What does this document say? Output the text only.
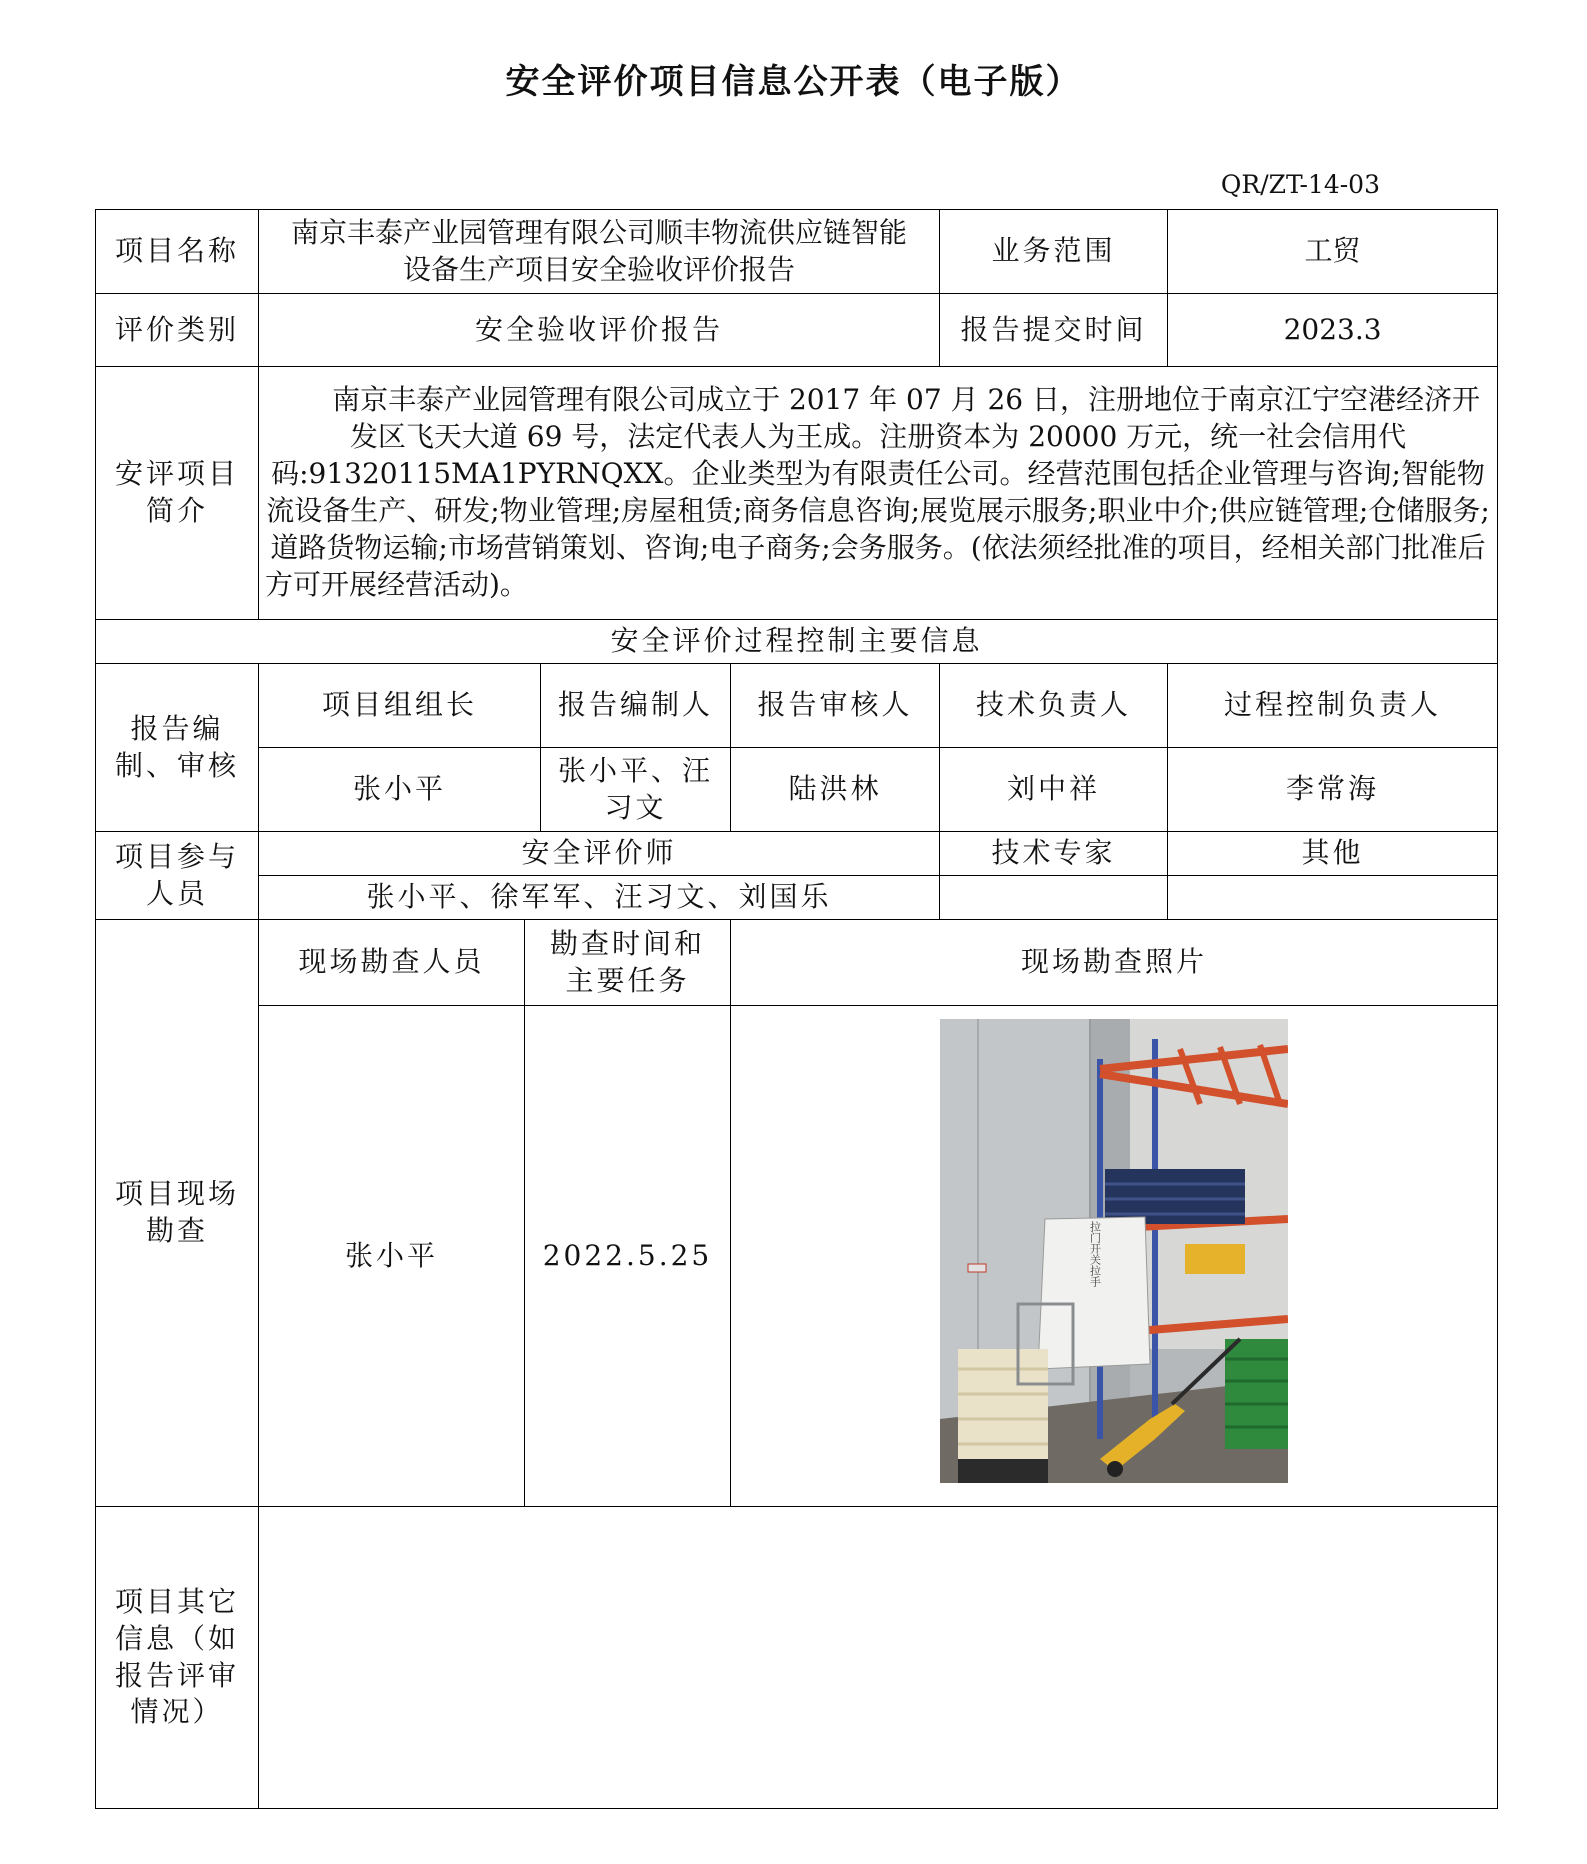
安全评价项目信息公开表（电子版）
QR/ZT-14-03
项目名称	南京丰泰产业园管理有限公司顺丰物流供应链智能设备生产项目安全验收评价报告				业务范围	工贸
评价类别	安全验收评价报告				报告提交时间	2023.3
安评项目简介	南京丰泰产业园管理有限公司成立于 2017 年 07 月 26 日，注册地位于南京江宁空港经济开发区飞天大道 69 号，法定代表人为王成。注册资本为 20000 万元，统一社会信用代码:91320115MA1PYRNQXX。企业类型为有限责任公司。经营范围包括企业管理与咨询;智能物流设备生产、研发;物业管理;房屋租赁;商务信息咨询;展览展示服务;职业中介;供应链管理;仓储服务;道路货物运输;市场营销策划、咨询;电子商务;会务服务。(依法须经批准的项目，经相关部门批准后方可开展经营活动)。					
安全评价过程控制主要信息						
报告编制、审核	项目组组长		报告编制人	报告审核人	技术负责人	过程控制负责人
	张小平		张小平、汪习文	陆洪林	刘中祥	李常海
项目参与人员	安全评价师				技术专家	其他
	张小平、徐军军、汪习文、刘国乐					
项目现场勘查	现场勘查人员	勘查时间和主要任务		现场勘查照片		
	张小平	2022.5.25		拉门开关拉手		

项目其它信息（如报告评审情况）						
